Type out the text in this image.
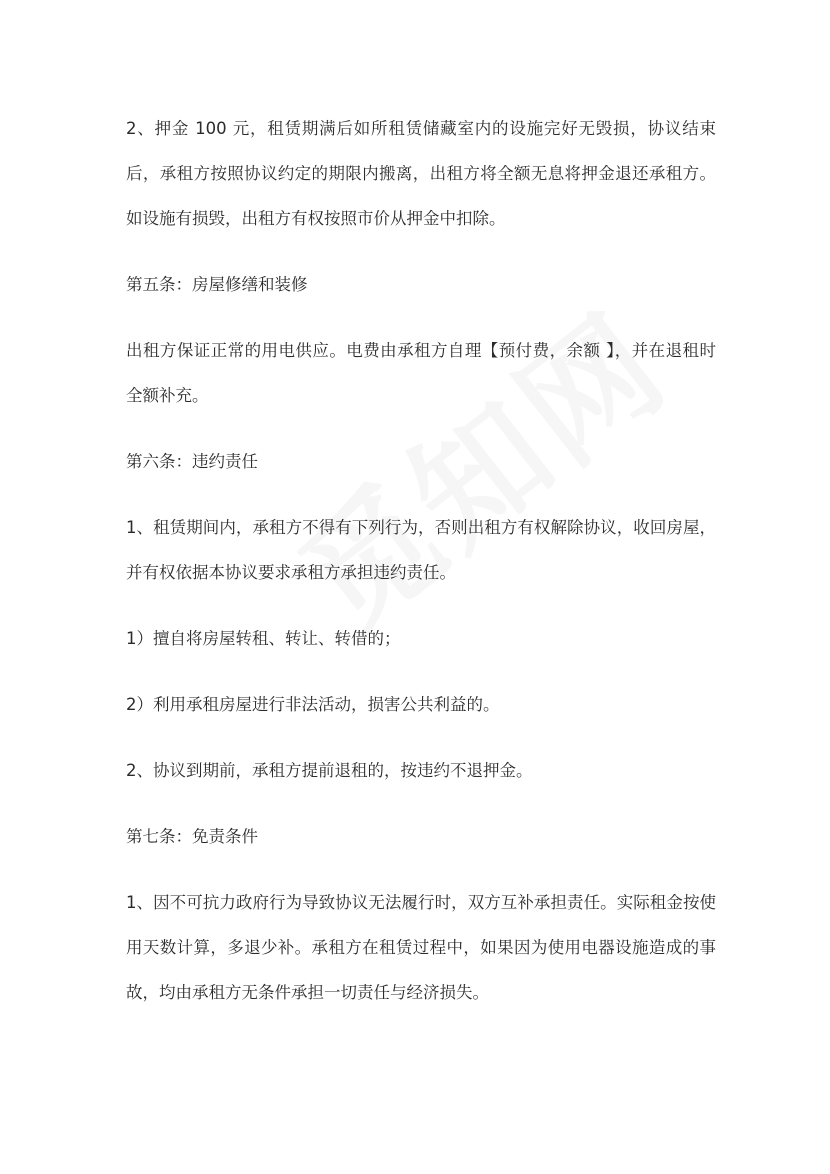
2、押金 100 元，租赁期满后如所租赁储藏室内的设施完好无毁损，协议结束后，承租方按照协议约定的期限内搬离，出租方将全额无息将押金退还承租方。如设施有损毁，出租方有权按照市价从押金中扣除。

第五条：房屋修缮和装修

出租方保证正常的用电供应。电费由承租方自理【预付费，余额 】，并在退租时全额补充。

第六条：违约责任

1、租赁期间内，承租方不得有下列行为，否则出租方有权解除协议，收回房屋，并有权依据本协议要求承租方承担违约责任。

1）擅自将房屋转租、转让、转借的；

2）利用承租房屋进行非法活动，损害公共利益的。

2、协议到期前，承租方提前退租的，按违约不退押金。

第七条：免责条件

1、因不可抗力政府行为导致协议无法履行时，双方互补承担责任。实际租金按使用天数计算，多退少补。承租方在租赁过程中，如果因为使用电器设施造成的事故，均由承租方无条件承担一切责任与经济损失。
